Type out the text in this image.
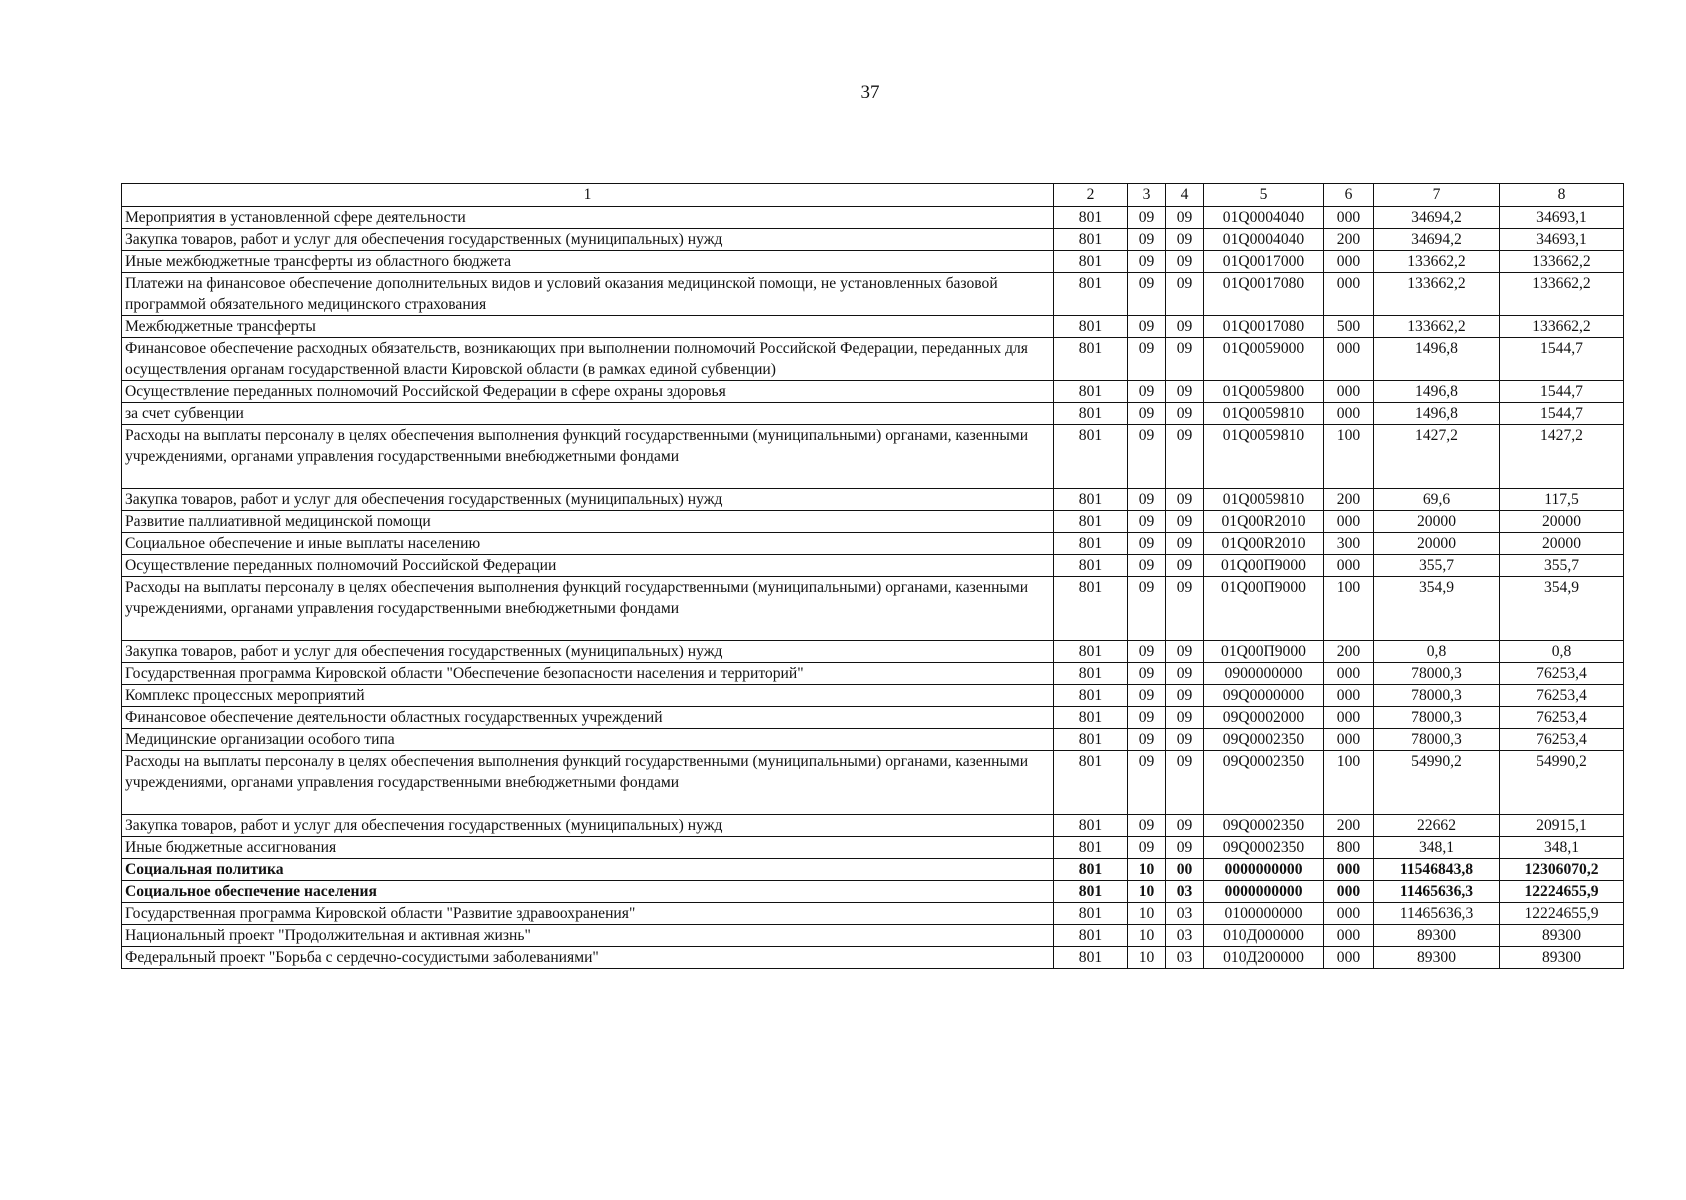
37
1	2	3	4	5	6	7	8
Мероприятия в установленной сфере деятельности	801	09	09	01Q0004040	000	34694,2	34693,1
Закупка товаров, работ и услуг для обеспечения государственных (муниципальных) нужд	801	09	09	01Q0004040	200	34694,2	34693,1
Иные межбюджетные трансферты из областного бюджета	801	09	09	01Q0017000	000	133662,2	133662,2
Платежи на финансовое обеспечение дополнительных видов и условий оказания медицинской помощи, не установленных базовой программой обязательного медицинского страхования	801	09	09	01Q0017080	000	133662,2	133662,2
Межбюджетные трансферты	801	09	09	01Q0017080	500	133662,2	133662,2
Финансовое обеспечение расходных обязательств, возникающих при выполнении полномочий Российской Федерации, переданных для осуществления органам государственной власти Кировской области (в рамках единой субвенции)	801	09	09	01Q0059000	000	1496,8	1544,7
Осуществление переданных полномочий Российской Федерации в сфере охраны здоровья	801	09	09	01Q0059800	000	1496,8	1544,7
за счет субвенции	801	09	09	01Q0059810	000	1496,8	1544,7
Расходы на выплаты персоналу в целях обеспечения выполнения функций государственными (муниципальными) органами, казенными учреждениями, органами управления государственными внебюджетными фондами	801	09	09	01Q0059810	100	1427,2	1427,2
Закупка товаров, работ и услуг для обеспечения государственных (муниципальных) нужд	801	09	09	01Q0059810	200	69,6	117,5
Развитие паллиативной медицинской помощи	801	09	09	01Q00R2010	000	20000	20000
Социальное обеспечение и иные выплаты населению	801	09	09	01Q00R2010	300	20000	20000
Осуществление переданных полномочий Российской Федерации	801	09	09	01Q00П9000	000	355,7	355,7
Расходы на выплаты персоналу в целях обеспечения выполнения функций государственными (муниципальными) органами, казенными учреждениями, органами управления государственными внебюджетными фондами	801	09	09	01Q00П9000	100	354,9	354,9
Закупка товаров, работ и услуг для обеспечения государственных (муниципальных) нужд	801	09	09	01Q00П9000	200	0,8	0,8
Государственная программа Кировской области "Обеспечение безопасности населения и территорий"	801	09	09	0900000000	000	78000,3	76253,4
Комплекс процессных мероприятий	801	09	09	09Q0000000	000	78000,3	76253,4
Финансовое обеспечение деятельности областных государственных учреждений	801	09	09	09Q0002000	000	78000,3	76253,4
Медицинские организации особого типа	801	09	09	09Q0002350	000	78000,3	76253,4
Расходы на выплаты персоналу в целях обеспечения выполнения функций государственными (муниципальными) органами, казенными учреждениями, органами управления государственными внебюджетными фондами	801	09	09	09Q0002350	100	54990,2	54990,2
Закупка товаров, работ и услуг для обеспечения государственных (муниципальных) нужд	801	09	09	09Q0002350	200	22662	20915,1
Иные бюджетные ассигнования	801	09	09	09Q0002350	800	348,1	348,1
Социальная политика	801	10	00	0000000000	000	11546843,8	12306070,2
Социальное обеспечение населения	801	10	03	0000000000	000	11465636,3	12224655,9
Государственная программа Кировской области "Развитие здравоохранения"	801	10	03	0100000000	000	11465636,3	12224655,9
Национальный проект "Продолжительная и активная жизнь"	801	10	03	010Д000000	000	89300	89300
Федеральный проект "Борьба с сердечно-сосудистыми заболеваниями"	801	10	03	010Д200000	000	89300	89300
